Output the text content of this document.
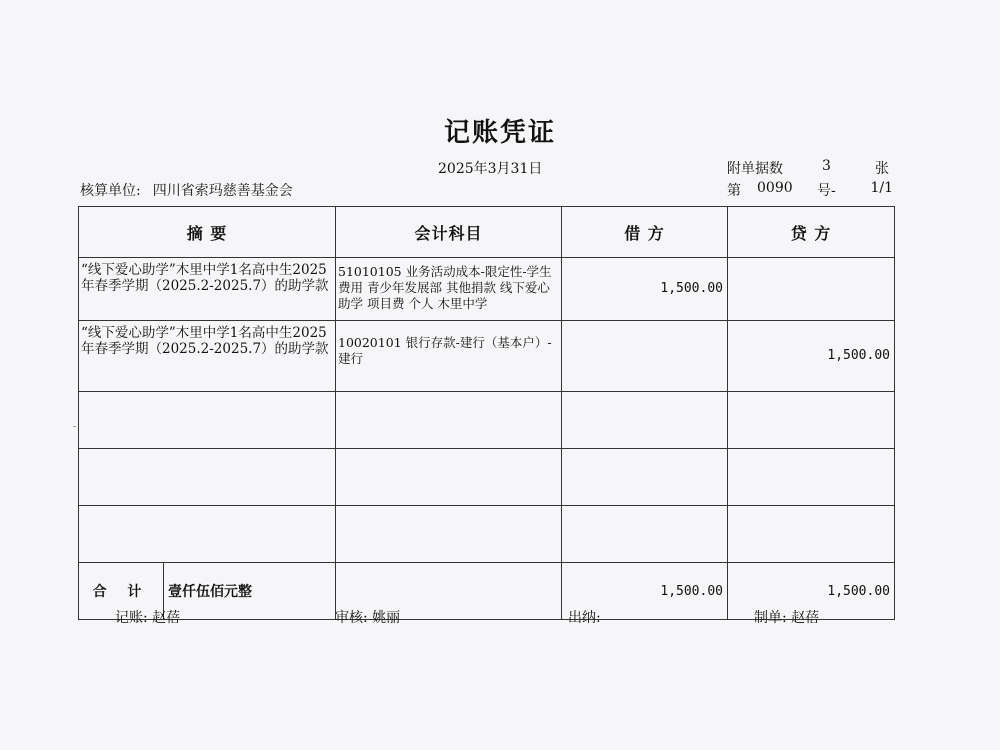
记账凭证
2025年3月31日	附单据数	3	张
核算单位: 四川省索玛慈善基金会	第 0090 号- 1/1
摘 要	会计科目	借 方	贷 方
“线下爱心助学”木里中学1名高中生2025年春季学期（2025.2-2025.7）的助学款	51010105 业务活动成本-限定性-学生费用 青少年发展部 其他捐款 线下爱心助学 项目费 个人 木里中学	1,500.00	
“线下爱心助学”木里中学1名高中生2025年春季学期（2025.2-2025.7）的助学款	10020101 银行存款-建行（基本户）-建行		1,500.00

合 计 壹仟伍佰元整		1,500.00	1,500.00
记账: 赵蓓	审核: 姚丽	出纳:	制单: 赵蓓
